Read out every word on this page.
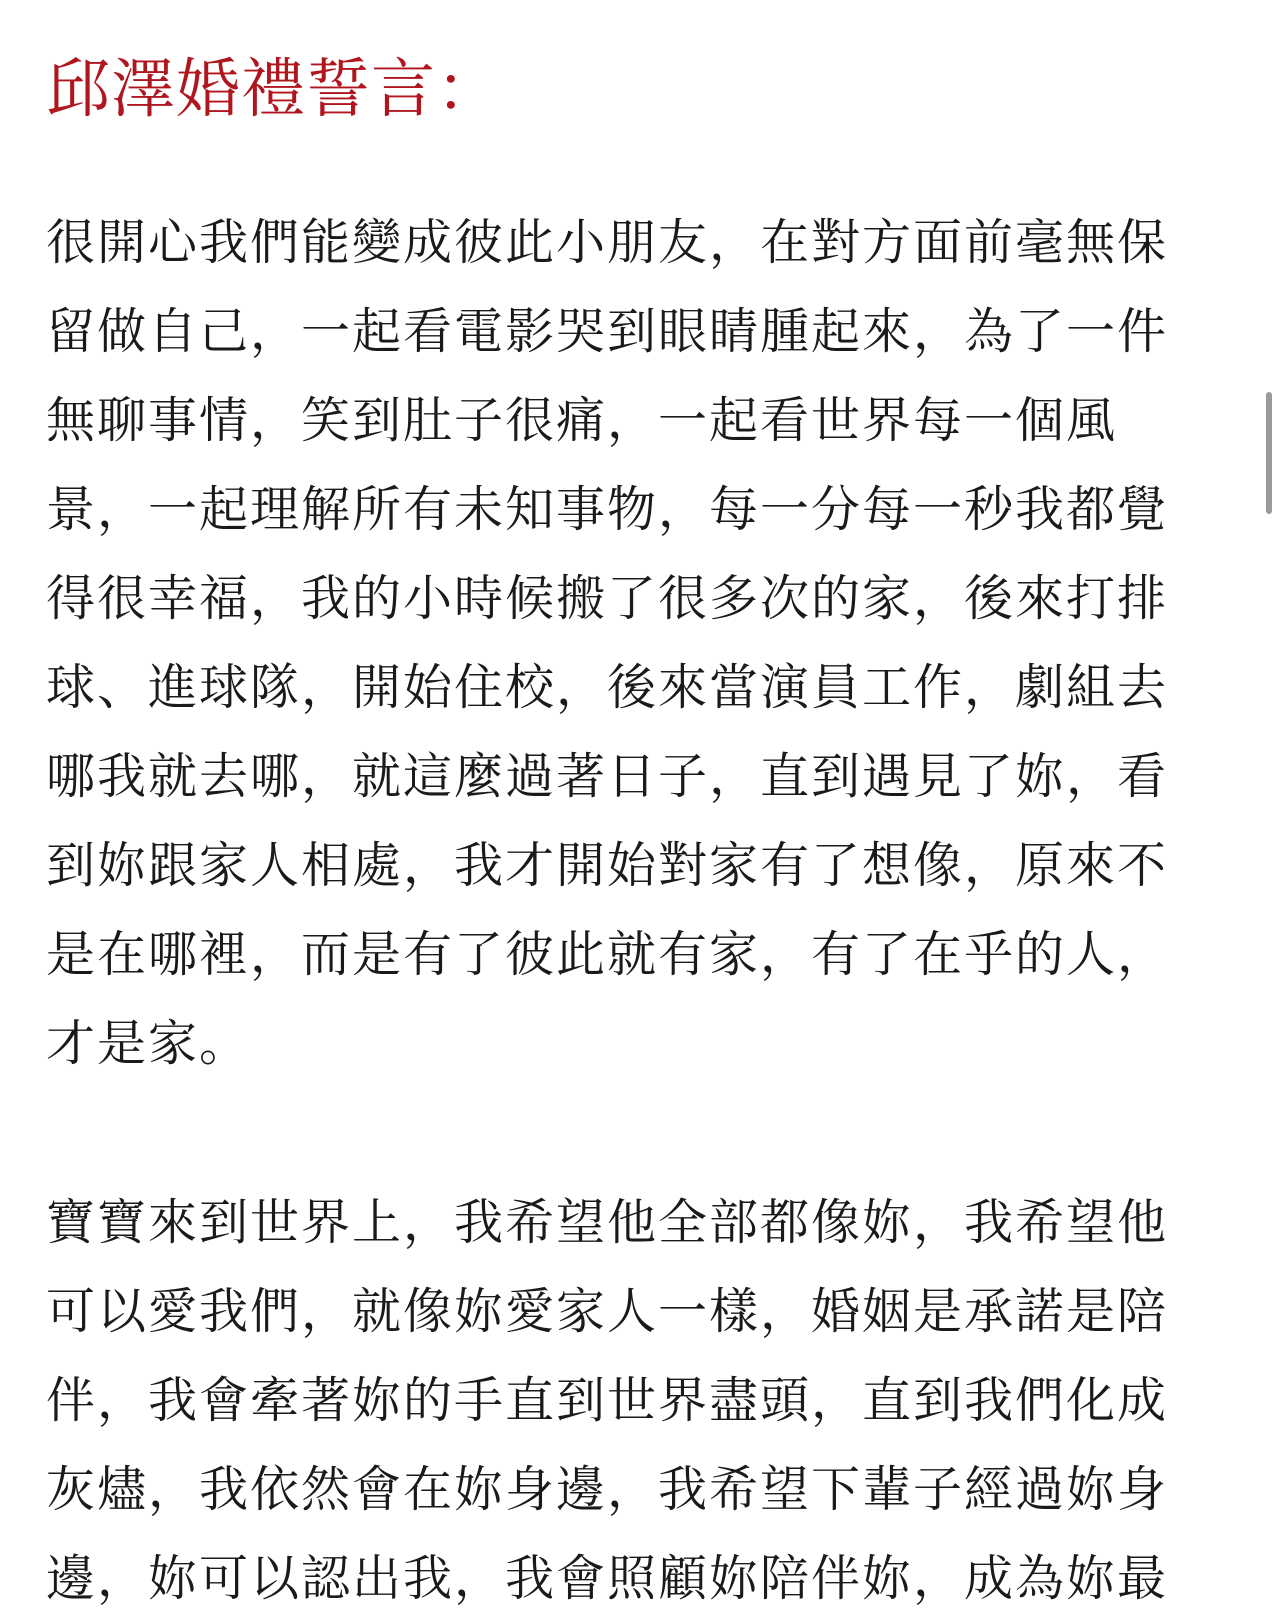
邱澤婚禮誓言：

很開心我們能變成彼此小朋友，在對方面前毫無保
留做自己，一起看電影哭到眼睛腫起來，為了一件
無聊事情，笑到肚子很痛，一起看世界每一個風
景，一起理解所有未知事物，每一分每一秒我都覺
得很幸福，我的小時候搬了很多次的家，後來打排
球、進球隊，開始住校，後來當演員工作，劇組去
哪我就去哪，就這麼過著日子，直到遇見了妳，看
到妳跟家人相處，我才開始對家有了想像，原來不
是在哪裡，而是有了彼此就有家，有了在乎的人，
才是家。

寶寶來到世界上，我希望他全部都像妳，我希望他
可以愛我們，就像妳愛家人一樣，婚姻是承諾是陪
伴，我會牽著妳的手直到世界盡頭，直到我們化成
灰燼，我依然會在妳身邊，我希望下輩子經過妳身
邊，妳可以認出我，我會照顧妳陪伴妳，成為妳最
